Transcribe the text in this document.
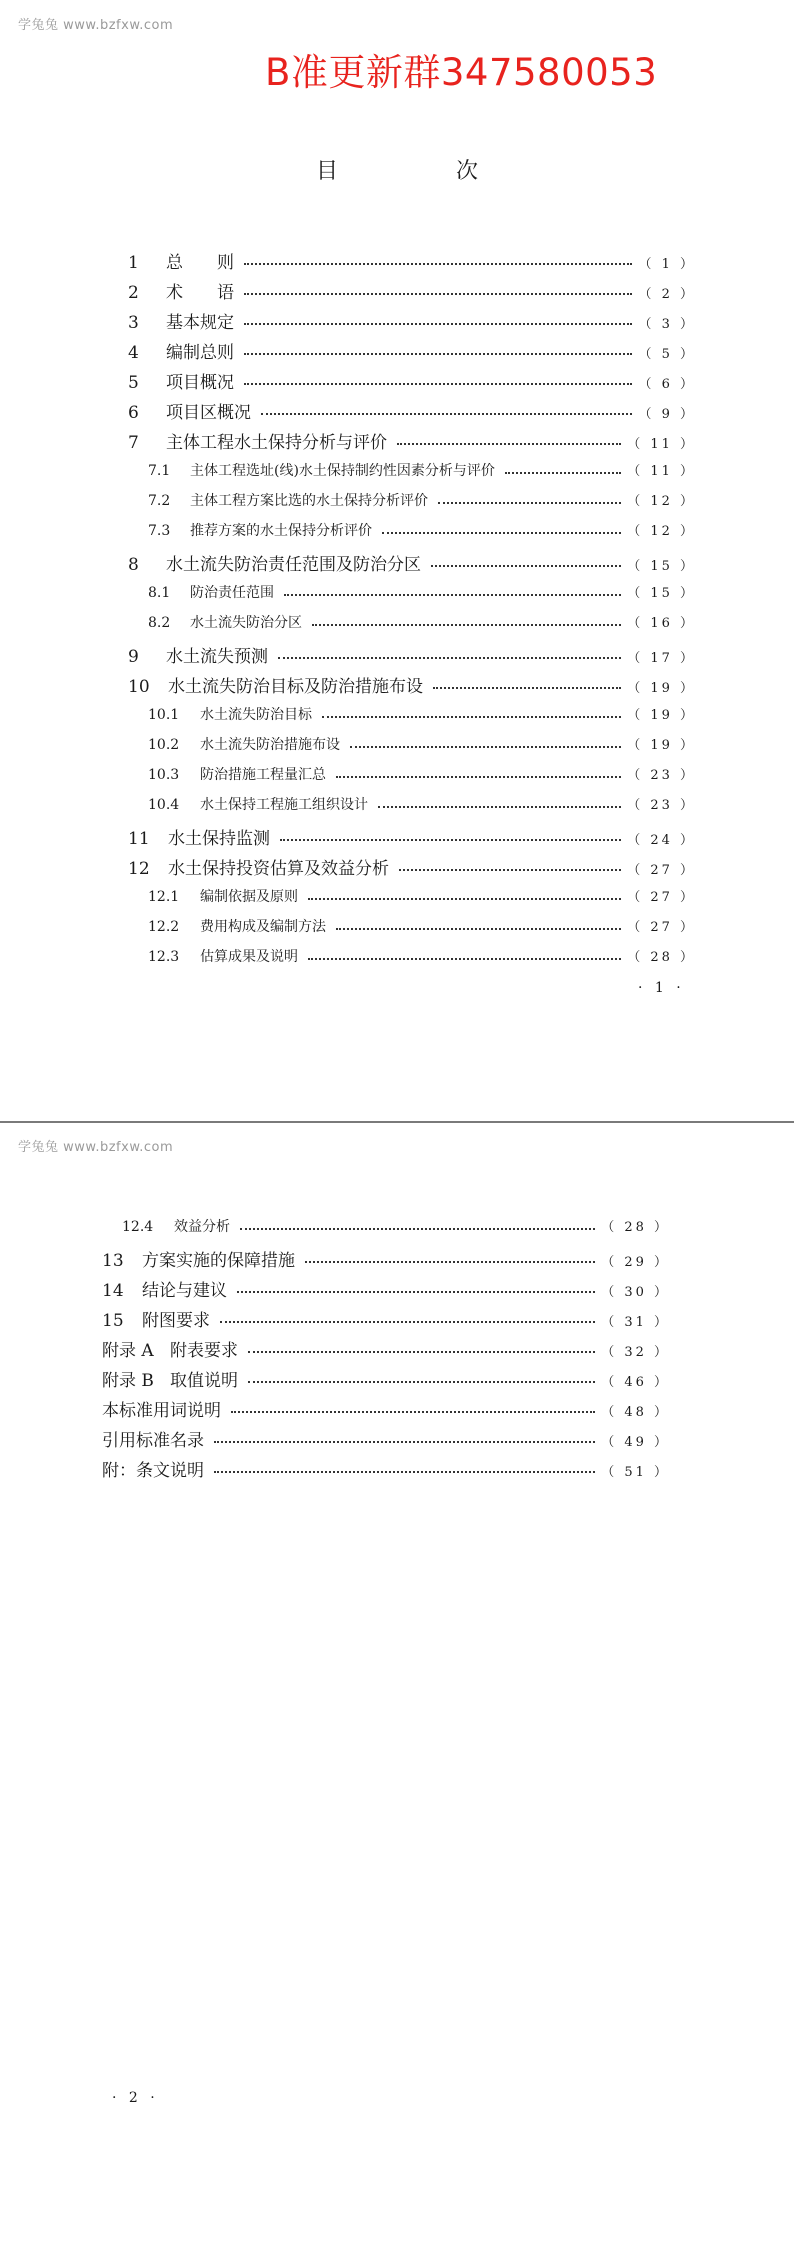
学兔兔 www.bzfxw.com
B准更新群347580053
目　次
1	总　　则	（ 1 ）
2	术　　语	（ 2 ）
3	基本规定	（ 3 ）
4	编制总则	（ 5 ）
5	项目概况	（ 6 ）
6	项目区概况	（ 9 ）
7	主体工程水土保持分析与评价	（ 11 ）
7.1	主体工程选址(线)水土保持制约性因素分析与评价	（ 11 ）
7.2	主体工程方案比选的水土保持分析评价	（ 12 ）
7.3	推荐方案的水土保持分析评价	（ 12 ）
8	水土流失防治责任范围及防治分区	（ 15 ）
8.1	防治责任范围	（ 15 ）
8.2	水土流失防治分区	（ 16 ）
9	水土流失预测	（ 17 ）
10	水土流失防治目标及防治措施布设	（ 19 ）
10.1	水土流失防治目标	（ 19 ）
10.2	水土流失防治措施布设	（ 19 ）
10.3	防治措施工程量汇总	（ 23 ）
10.4	水土保持工程施工组织设计	（ 23 ）
11	水土保持监测	（ 24 ）
12	水土保持投资估算及效益分析	（ 27 ）
12.1	编制依据及原则	（ 27 ）
12.2	费用构成及编制方法	（ 27 ）
12.3	估算成果及说明	（ 28 ）
· 1 ·
学兔兔 www.bzfxw.com
12.4	效益分析	（ 28 ）
13	方案实施的保障措施	（ 29 ）
14	结论与建议	（ 30 ）
15	附图要求	（ 31 ）
附录 A 附表要求	（ 32 ）
附录 B 取值说明	（ 46 ）
本标准用词说明	（ 48 ）
引用标准名录	（ 49 ）
附：条文说明	（ 51 ）
· 2 ·
